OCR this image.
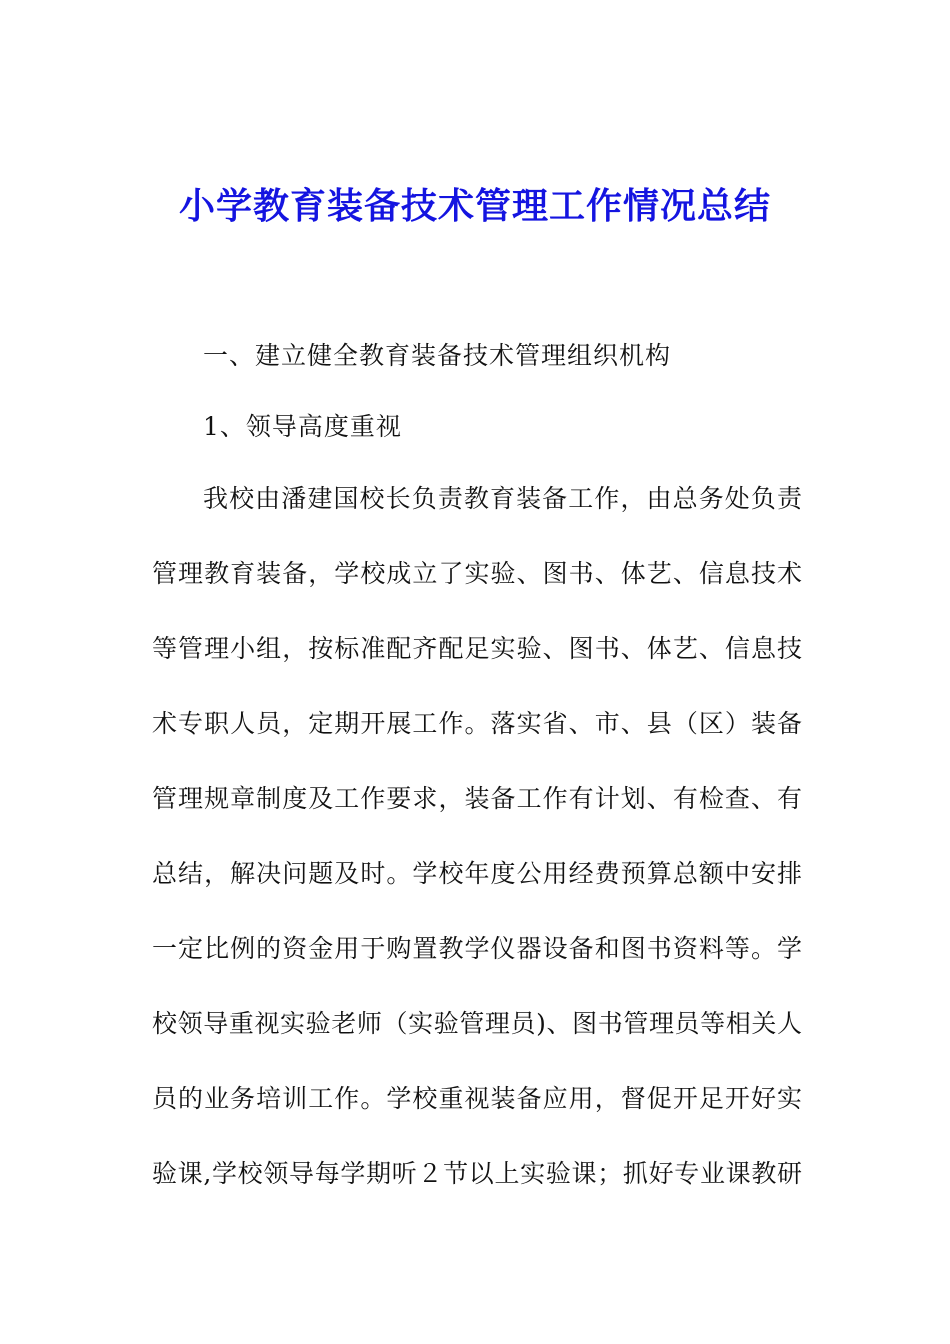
小学教育装备技术管理工作情况总结
一、建立健全教育装备技术管理组织机构
1、领导高度重视
我校由潘建国校长负责教育装备工作，由总务处负责
管理教育装备，学校成立了实验、图书、体艺、信息技术
等管理小组，按标准配齐配足实验、图书、体艺、信息技
术专职人员，定期开展工作。落实省、市、县（区）装备
管理规章制度及工作要求，装备工作有计划、有检查、有
总结，解决问题及时。学校年度公用经费预算总额中安排
一定比例的资金用于购置教学仪器设备和图书资料等。学
校领导重视实验老师（实验管理员)、图书管理员等相关人
员的业务培训工作。学校重视装备应用，督促开足开好实
验课,学校领导每学期听２节以上实验课；抓好专业课教研
